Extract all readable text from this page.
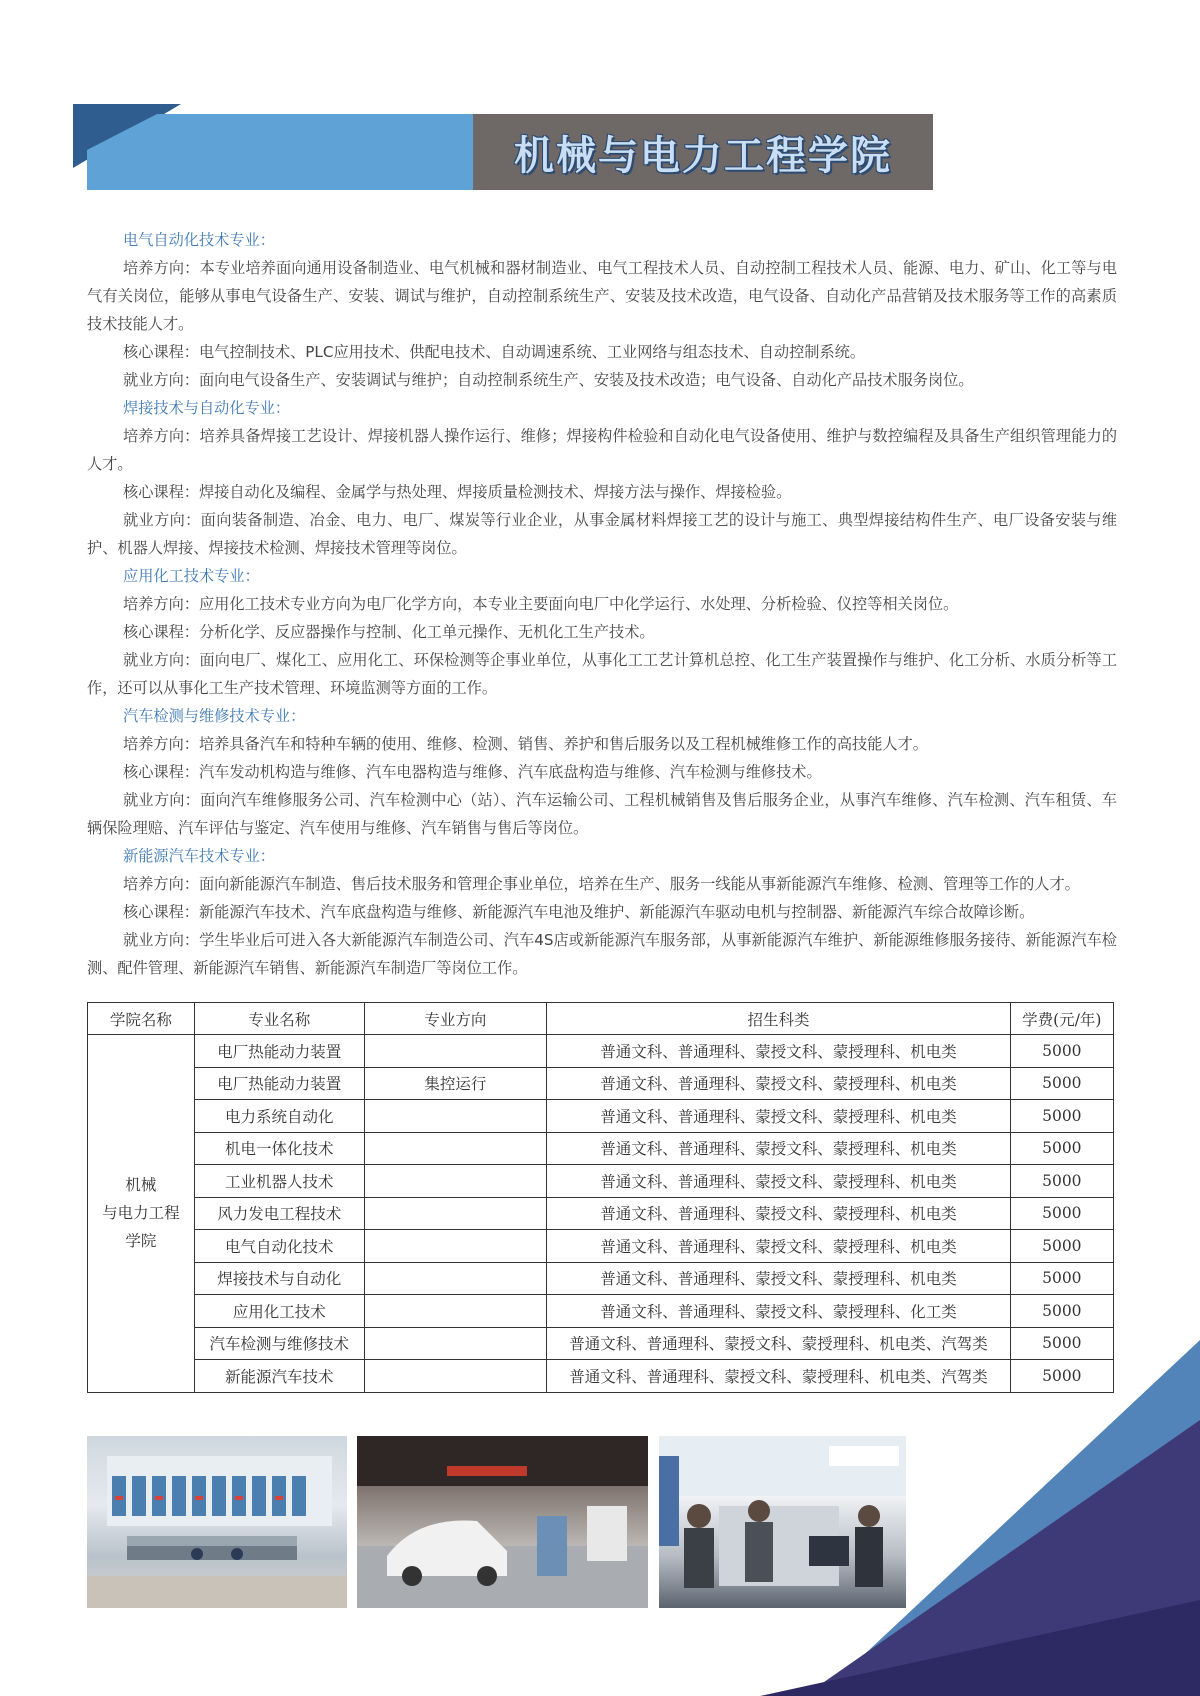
机械与电力工程学院
电气自动化技术专业：
培养方向：本专业培养面向通用设备制造业、电气机械和器材制造业、电气工程技术人员、自动控制工程技术人员、能源、电力、矿山、化工等与电气有关岗位，能够从事电气设备生产、安装、调试与维护，自动控制系统生产、安装及技术改造，电气设备、自动化产品营销及技术服务等工作的高素质技术技能人才。
核心课程：电气控制技术、PLC应用技术、供配电技术、自动调速系统、工业网络与组态技术、自动控制系统。
就业方向：面向电气设备生产、安装调试与维护；自动控制系统生产、安装及技术改造；电气设备、自动化产品技术服务岗位。
焊接技术与自动化专业：
培养方向：培养具备焊接工艺设计、焊接机器人操作运行、维修；焊接构件检验和自动化电气设备使用、维护与数控编程及具备生产组织管理能力的人才。
核心课程：焊接自动化及编程、金属学与热处理、焊接质量检测技术、焊接方法与操作、焊接检验。
就业方向：面向装备制造、冶金、电力、电厂、煤炭等行业企业，从事金属材料焊接工艺的设计与施工、典型焊接结构件生产、电厂设备安装与维护、机器人焊接、焊接技术检测、焊接技术管理等岗位。
应用化工技术专业：
培养方向：应用化工技术专业方向为电厂化学方向，本专业主要面向电厂中化学运行、水处理、分析检验、仪控等相关岗位。
核心课程：分析化学、反应器操作与控制、化工单元操作、无机化工生产技术。
就业方向：面向电厂、煤化工、应用化工、环保检测等企事业单位，从事化工工艺计算机总控、化工生产装置操作与维护、化工分析、水质分析等工作，还可以从事化工生产技术管理、环境监测等方面的工作。
汽车检测与维修技术专业：
培养方向：培养具备汽车和特种车辆的使用、维修、检测、销售、养护和售后服务以及工程机械维修工作的高技能人才。
核心课程：汽车发动机构造与维修、汽车电器构造与维修、汽车底盘构造与维修、汽车检测与维修技术。
就业方向：面向汽车维修服务公司、汽车检测中心（站）、汽车运输公司、工程机械销售及售后服务企业，从事汽车维修、汽车检测、汽车租赁、车辆保险理赔、汽车评估与鉴定、汽车使用与维修、汽车销售与售后等岗位。
新能源汽车技术专业：
培养方向：面向新能源汽车制造、售后技术服务和管理企事业单位，培养在生产、服务一线能从事新能源汽车维修、检测、管理等工作的人才。
核心课程：新能源汽车技术、汽车底盘构造与维修、新能源汽车电池及维护、新能源汽车驱动电机与控制器、新能源汽车综合故障诊断。
就业方向：学生毕业后可进入各大新能源汽车制造公司、汽车4S店或新能源汽车服务部，从事新能源汽车维护、新能源维修服务接待、新能源汽车检测、配件管理、新能源汽车销售、新能源汽车制造厂等岗位工作。
学院名称	专业名称	专业方向	招生科类	学费(元/年)

机械
与电力工程
学院	电厂热能动力装置		普通文科、普通理科、蒙授文科、蒙授理科、机电类	5000
	电厂热能动力装置	集控运行	普通文科、普通理科、蒙授文科、蒙授理科、机电类	5000
	电力系统自动化		普通文科、普通理科、蒙授文科、蒙授理科、机电类	5000
	机电一体化技术		普通文科、普通理科、蒙授文科、蒙授理科、机电类	5000
	工业机器人技术		普通文科、普通理科、蒙授文科、蒙授理科、机电类	5000
	风力发电工程技术		普通文科、普通理科、蒙授文科、蒙授理科、机电类	5000
	电气自动化技术		普通文科、普通理科、蒙授文科、蒙授理科、机电类	5000
	焊接技术与自动化		普通文科、普通理科、蒙授文科、蒙授理科、机电类	5000
	应用化工技术		普通文科、普通理科、蒙授文科、蒙授理科、化工类	5000
	汽车检测与维修技术		普通文科、普通理科、蒙授文科、蒙授理科、机电类、汽驾类	5000
	新能源汽车技术		普通文科、普通理科、蒙授文科、蒙授理科、机电类、汽驾类	5000
